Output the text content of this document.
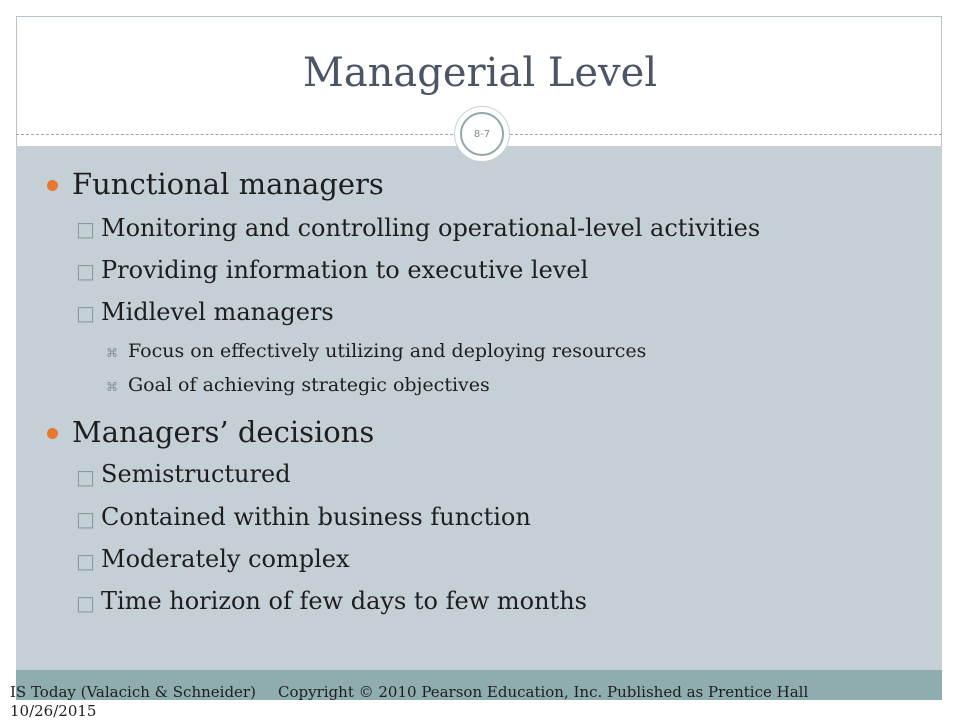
Managerial Level
8-7
Functional managers
□ Monitoring and controlling operational-level activities
□ Providing information to executive level
□ Midlevel managers
⌘ Focus on effectively utilizing and deploying resources
⌘ Goal of achieving strategic objectives
Managers’ decisions
□ Semistructured
□ Contained within business function
□ Moderately complex
□ Time horizon of few days to few months
IS Today (Valacich & Schneider) Copyright © 2010 Pearson Education, Inc. Published as Prentice Hall
10/26/2015
